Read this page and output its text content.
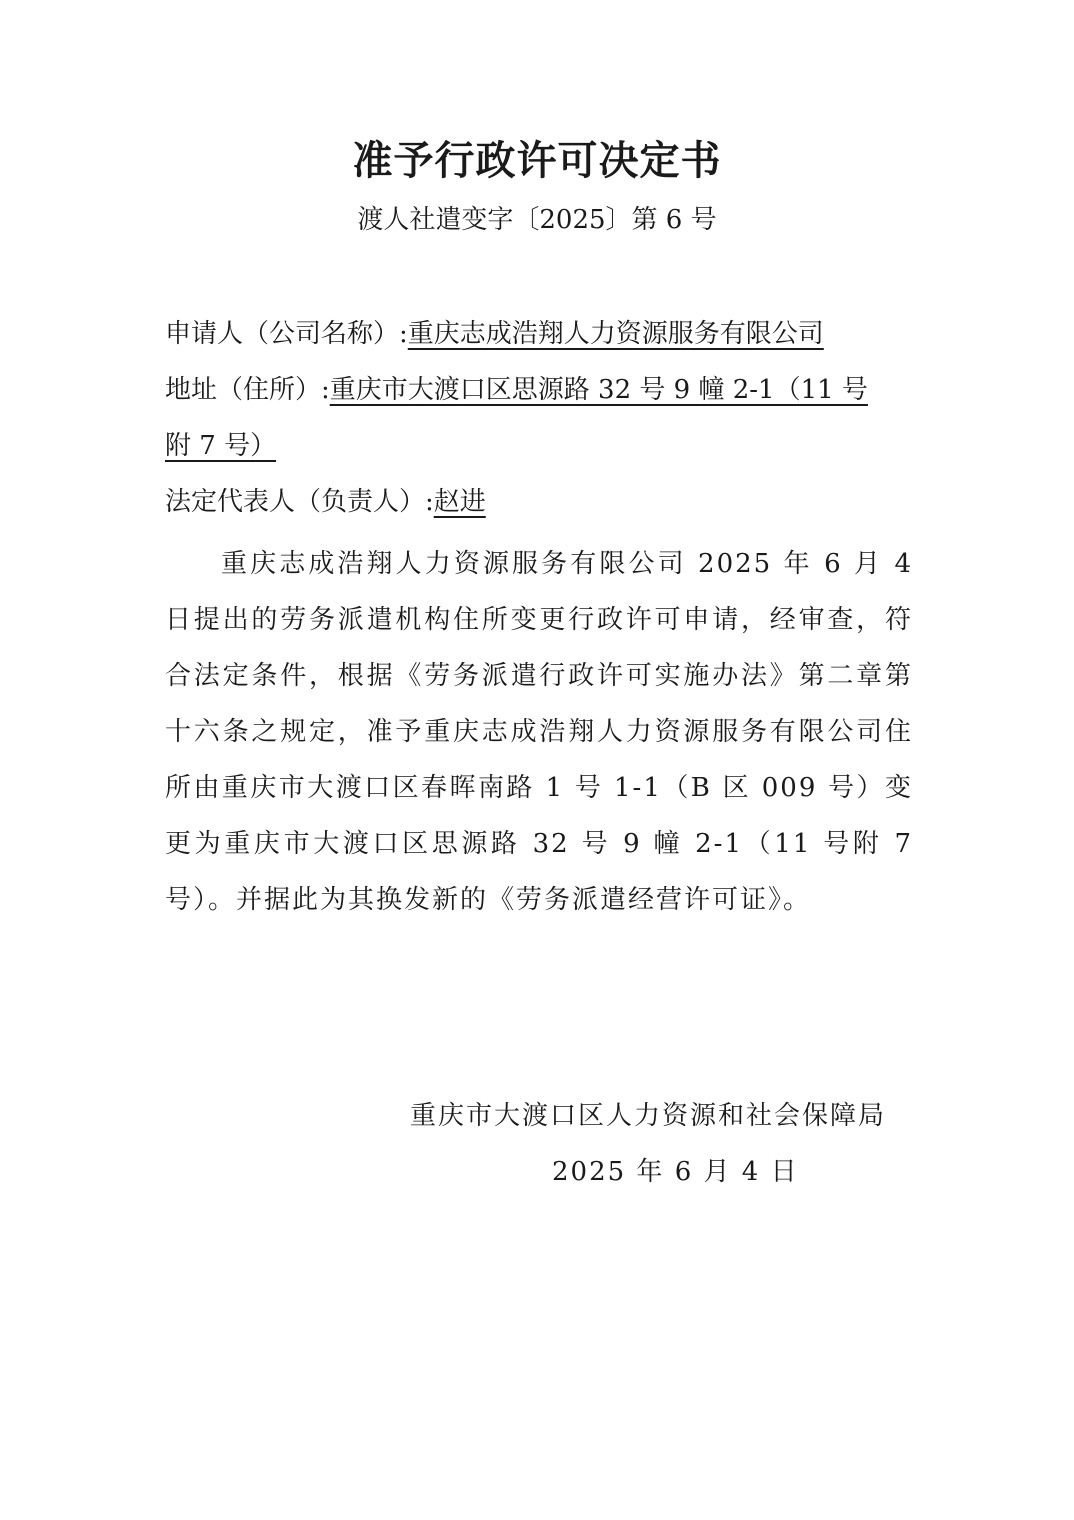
准予行政许可决定书
渡人社遣变字〔2025〕第 6 号
申请人（公司名称）:重庆志成浩翔人力资源服务有限公司
地址（住所）:重庆市大渡口区思源路 32 号 9 幢 2-1（11 号
附 7 号）
法定代表人（负责人）:赵进
重庆志成浩翔人力资源服务有限公司 2025 年 6 月 4 日提出的劳务派遣机构住所变更行政许可申请，经审查，符合法定条件，根据《劳务派遣行政许可实施办法》第二章第十六条之规定，准予重庆志成浩翔人力资源服务有限公司住所由重庆市大渡口区春晖南路 1 号 1-1（B 区 009 号）变更为重庆市大渡口区思源路 32 号 9 幢 2-1（11 号附 7 号）。并据此为其换发新的《劳务派遣经营许可证》。
重庆市大渡口区人力资源和社会保障局
2025 年 6 月 4 日
